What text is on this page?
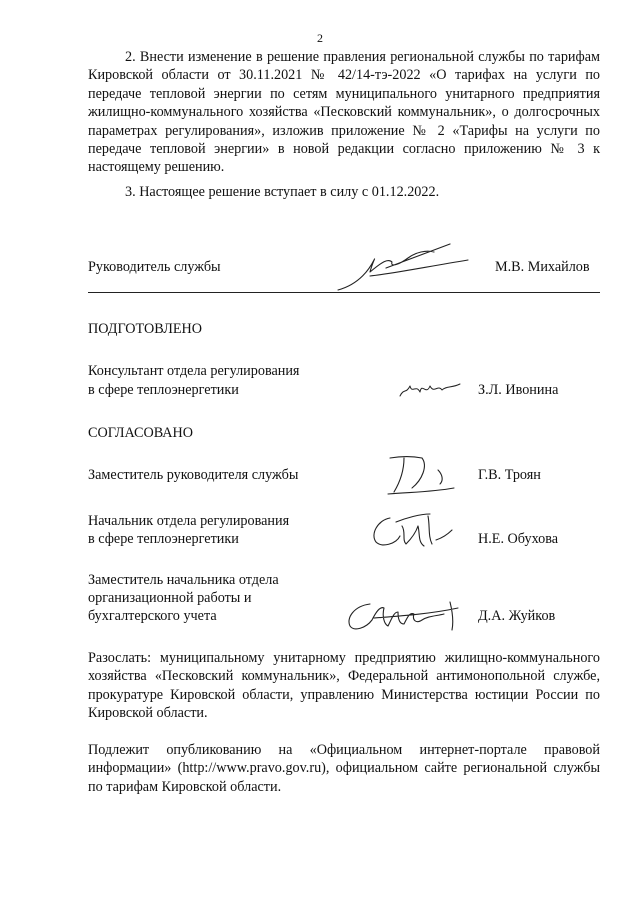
2
2. Внести изменение в решение правления региональной службы по тарифам Кировской области от 30.11.2021 № 42/14-тэ-2022 «О тарифах на услуги по передаче тепловой энергии по сетям муниципального унитарного предприятия жилищно-коммунального хозяйства «Песковский коммунальник», о долгосрочных параметрах регулирования», изложив приложение № 2 «Тарифы на услуги по передаче тепловой энергии» в новой редакции согласно приложению № 3 к настоящему решению.
3. Настоящее решение вступает в силу с 01.12.2022.
Руководитель службы	М.В. Михайлов
ПОДГОТОВЛЕНО
Консультант отдела регулирования
в сфере теплоэнергетики	З.Л. Ивонина
СОГЛАСОВАНО
Заместитель руководителя службы	Г.В. Троян
Начальник отдела регулирования
в сфере теплоэнергетики	Н.Е. Обухова
Заместитель начальника отдела
организационной работы и
бухгалтерского учета	Д.А. Жуйков
Разослать: муниципальному унитарному предприятию жилищно-коммунального хозяйства «Песковский коммунальник», Федеральной антимонопольной службе, прокуратуре Кировской области, управлению Министерства юстиции России по Кировской области.
Подлежит опубликованию на «Официальном интернет-портале правовой информации» (http://www.pravo.gov.ru), официальном сайте региональной службы по тарифам Кировской области.
